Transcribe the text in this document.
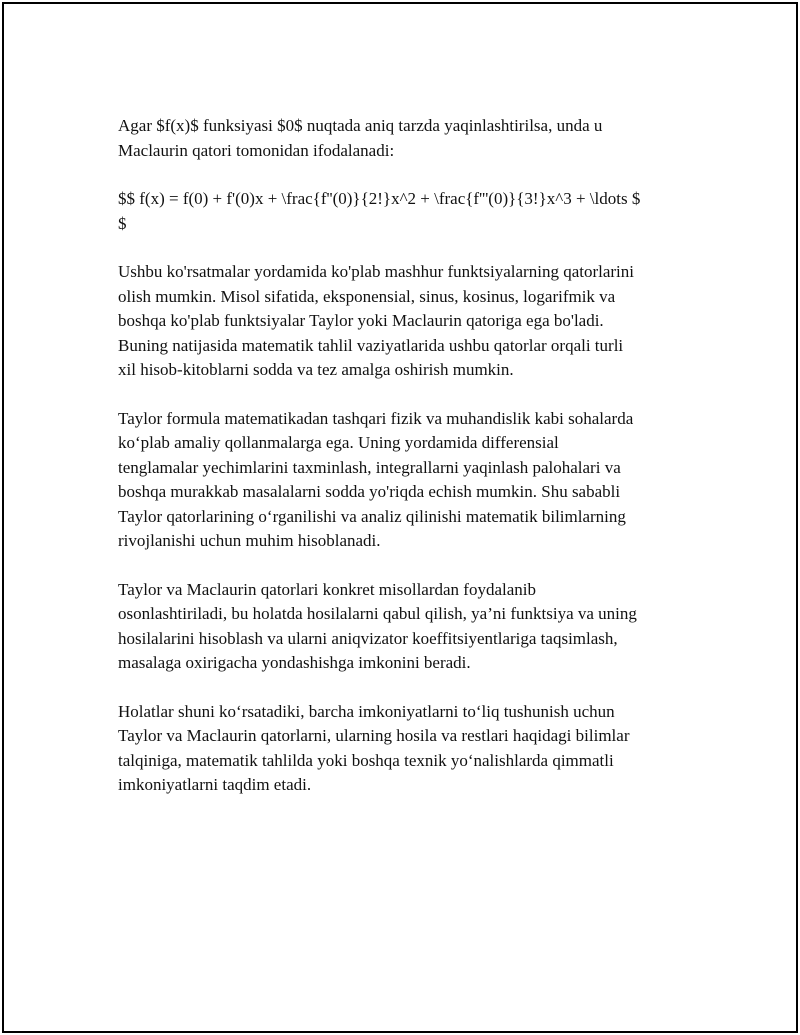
Agar $f(x)$ funksiyasi $0$ nuqtada aniq tarzda yaqinlashtirilsa, unda u
Maclaurin qatori tomonidan ifodalanadi:
$$ f(x) = f(0) + f'(0)x + \frac{f''(0)}{2!}x^2 + \frac{f'''(0)}{3!}x^3 + \ldots $
$
Ushbu ko'rsatmalar yordamida ko'plab mashhur funktsiyalarning qatorlarini
olish mumkin. Misol sifatida, eksponensial, sinus, kosinus, logarifmik va
boshqa ko'plab funktsiyalar Taylor yoki Maclaurin qatoriga ega bo'ladi.
Buning natijasida matematik tahlil vaziyatlarida ushbu qatorlar orqali turli
xil hisob-kitoblarni sodda va tez amalga oshirish mumkin.
Taylor formula matematikadan tashqari fizik va muhandislik kabi sohalarda
ko‘plab amaliy qollanmalarga ega. Uning yordamida differensial
tenglamalar yechimlarini taxminlash, integrallarni yaqinlash palohalari va
boshqa murakkab masalalarni sodda yo'riqda echish mumkin. Shu sababli
Taylor qatorlarining o‘rganilishi va analiz qilinishi matematik bilimlarning
rivojlanishi uchun muhim hisoblanadi.
Taylor va Maclaurin qatorlari konkret misollardan foydalanib
osonlashtiriladi, bu holatda hosilalarni qabul qilish, ya’ni funktsiya va uning
hosilalarini hisoblash va ularni aniqvizator koeffitsiyentlariga taqsimlash,
masalaga oxirigacha yondashishga imkonini beradi.
Holatlar shuni ko‘rsatadiki, barcha imkoniyatlarni to‘liq tushunish uchun
Taylor va Maclaurin qatorlarni, ularning hosila va restlari haqidagi bilimlar
talqiniga, matematik tahlilda yoki boshqa texnik yo‘nalishlarda qimmatli
imkoniyatlarni taqdim etadi.
